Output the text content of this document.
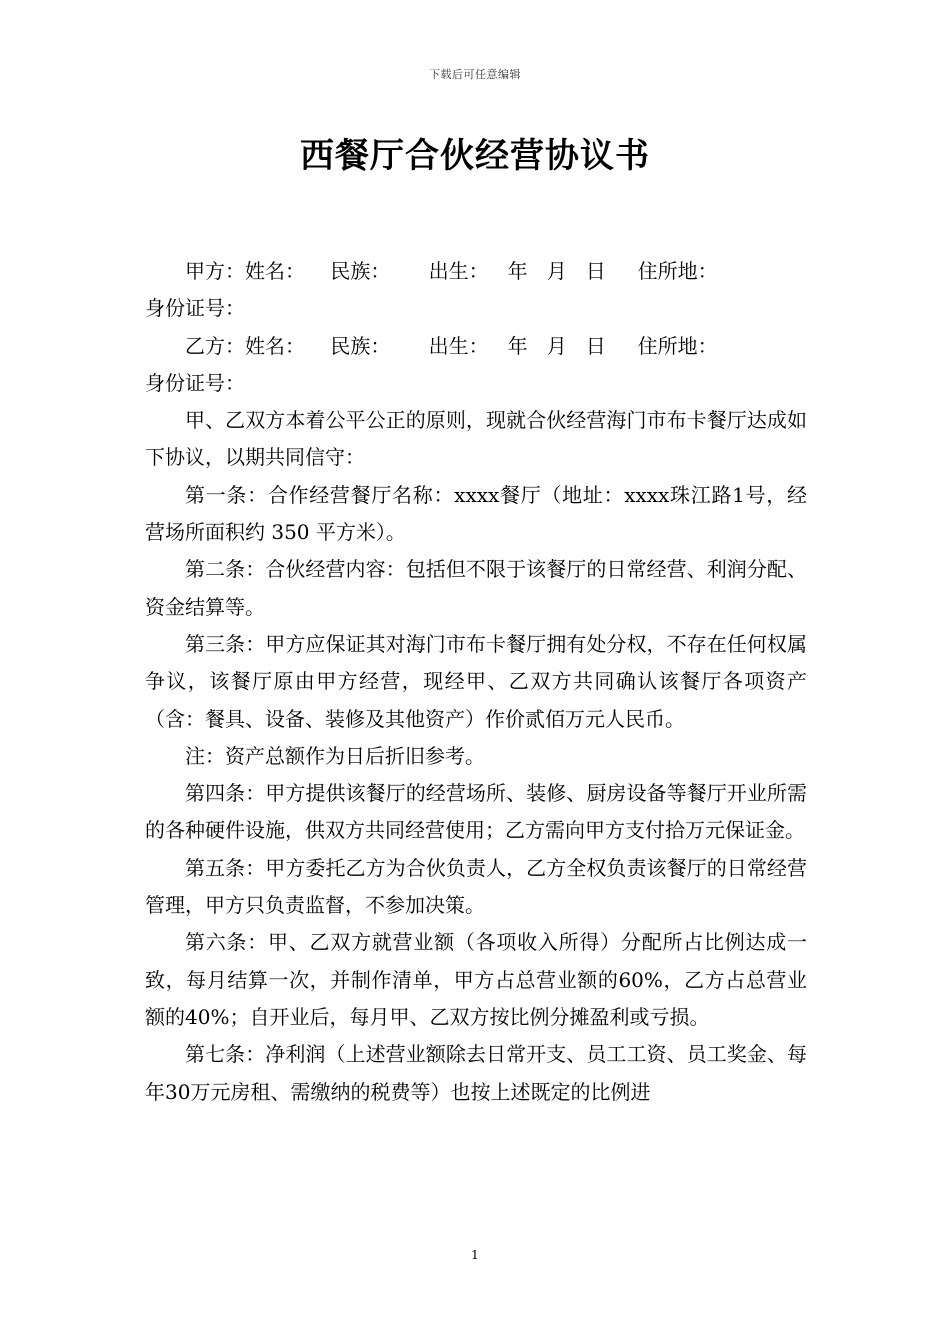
下载后可任意编辑
西餐厅合伙经营协议书

甲方：姓名：    民族：      出生：   年   月   日     住所地：

身份证号：

乙方：姓名：    民族：      出生：   年   月   日     住所地：

身份证号：

甲、乙双方本着公平公正的原则，现就合伙经营海门市布卡餐厅达成如下协议，以期共同信守：

第一条：合作经营餐厅名称：xxxx餐厅（地址：xxxx珠江路1号，经营场所面积约 350 平方米）。

第二条：合伙经营内容：包括但不限于该餐厅的日常经营、利润分配、资金结算等。

第三条：甲方应保证其对海门市布卡餐厅拥有处分权，不存在任何权属争议，该餐厅原由甲方经营，现经甲、乙双方共同确认该餐厅各项资产（含：餐具、设备、装修及其他资产）作价贰佰万元人民币。

注：资产总额作为日后折旧参考。

第四条：甲方提供该餐厅的经营场所、装修、厨房设备等餐厅开业所需的各种硬件设施，供双方共同经营使用；乙方需向甲方支付拾万元保证金。

第五条：甲方委托乙方为合伙负责人，乙方全权负责该餐厅的日常经营管理，甲方只负责监督，不参加决策。

第六条：甲、乙双方就营业额（各项收入所得）分配所占比例达成一致，每月结算一次，并制作清单，甲方占总营业额的60%，乙方占总营业额的40%；自开业后，每月甲、乙双方按比例分摊盈利或亏损。

第七条：净利润（上述营业额除去日常开支、员工工资、员工奖金、每年30万元房租、需缴纳的税费等）也按上述既定的比例进

1
